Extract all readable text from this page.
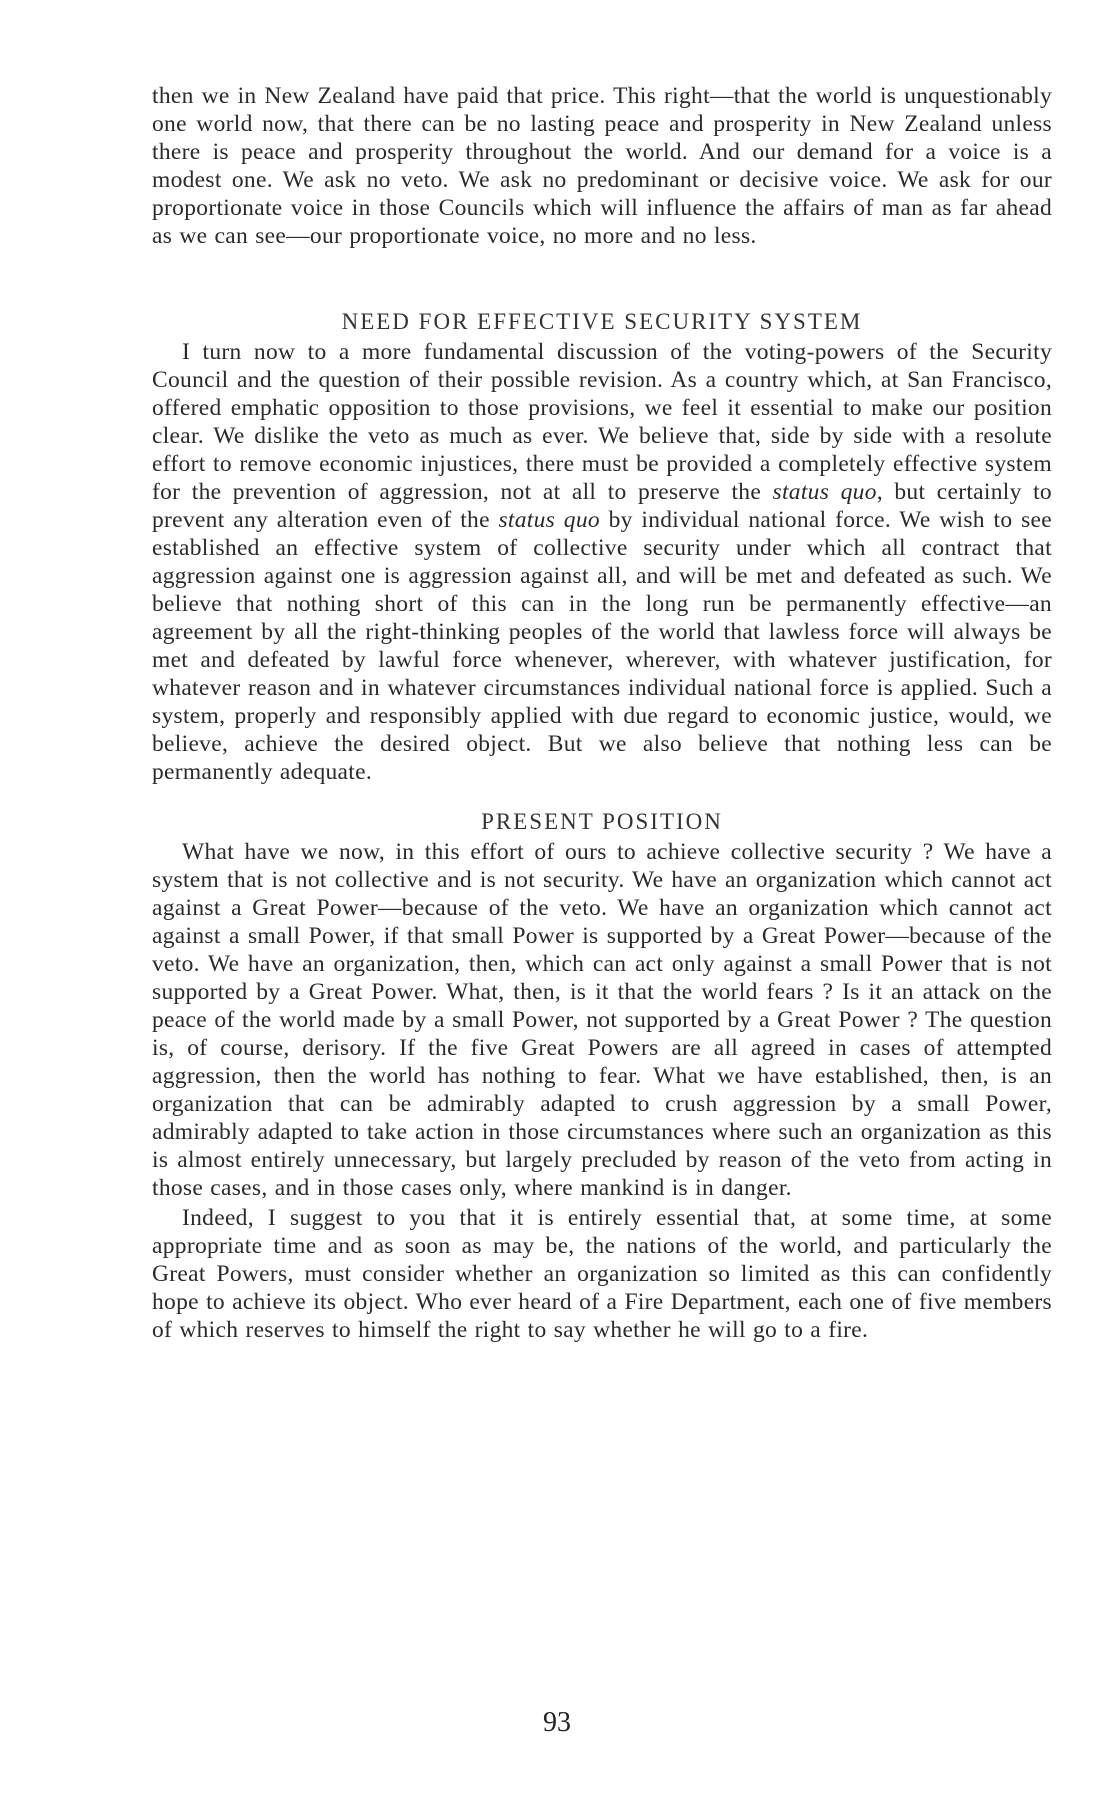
then we in New Zealand have paid that price. This right—that the world is unquestionably one world now, that there can be no lasting peace and prosperity in New Zealand unless there is peace and prosperity throughout the world. And our demand for a voice is a modest one. We ask no veto. We ask no predominant or decisive voice. We ask for our proportionate voice in those Councils which will influence the affairs of man as far ahead as we can see—our proportionate voice, no more and no less.

NEED FOR EFFECTIVE SECURITY SYSTEM

I turn now to a more fundamental discussion of the voting-powers of the Security Council and the question of their possible revision. As a country which, at San Francisco, offered emphatic opposition to those provisions, we feel it essential to make our position clear. We dislike the veto as much as ever. We believe that, side by side with a resolute effort to remove economic injustices, there must be provided a completely effective system for the prevention of aggression, not at all to preserve the status quo, but certainly to prevent any alteration even of the status quo by individual national force. We wish to see established an effective system of collective security under which all contract that aggression against one is aggression against all, and will be met and defeated as such. We believe that nothing short of this can in the long run be permanently effective—an agreement by all the right-thinking peoples of the world that lawless force will always be met and defeated by lawful force whenever, wherever, with whatever justification, for whatever reason and in whatever circumstances individual national force is applied. Such a system, properly and responsibly applied with due regard to economic justice, would, we believe, achieve the desired object. But we also believe that nothing less can be permanently adequate.

PRESENT POSITION

What have we now, in this effort of ours to achieve collective security ? We have a system that is not collective and is not security. We have an organization which cannot act against a Great Power—because of the veto. We have an organization which cannot act against a small Power, if that small Power is supported by a Great Power—because of the veto. We have an organization, then, which can act only against a small Power that is not supported by a Great Power. What, then, is it that the world fears ? Is it an attack on the peace of the world made by a small Power, not supported by a Great Power ? The question is, of course, derisory. If the five Great Powers are all agreed in cases of attempted aggression, then the world has nothing to fear. What we have established, then, is an organization that can be admirably adapted to crush aggression by a small Power, admirably adapted to take action in those circumstances where such an organization as this is almost entirely unnecessary, but largely precluded by reason of the veto from acting in those cases, and in those cases only, where mankind is in danger.

Indeed, I suggest to you that it is entirely essential that, at some time, at some appropriate time and as soon as may be, the nations of the world, and particularly the Great Powers, must consider whether an organization so limited as this can confidently hope to achieve its object. Who ever heard of a Fire Department, each one of five members of which reserves to himself the right to say whether he will go to a fire.

93
